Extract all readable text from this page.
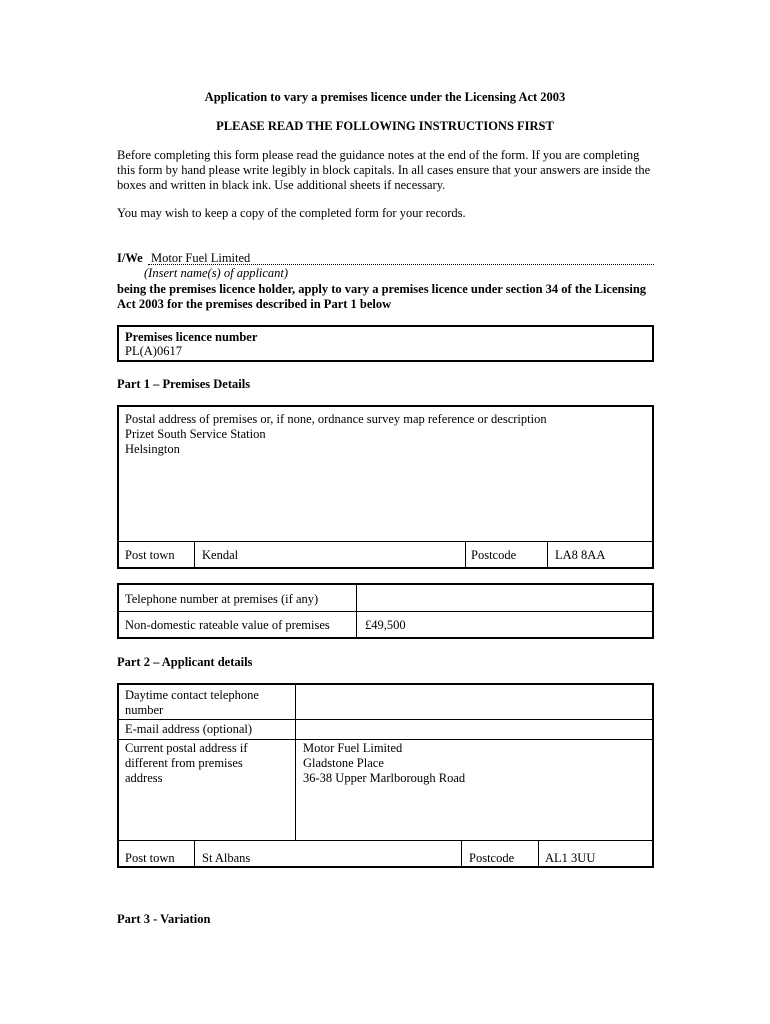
Application to vary a premises licence under the Licensing Act 2003
PLEASE READ THE FOLLOWING INSTRUCTIONS FIRST
Before completing this form please read the guidance notes at the end of the form. If you are completing this form by hand please write legibly in block capitals. In all cases ensure that your answers are inside the boxes and written in black ink. Use additional sheets if necessary.
You may wish to keep a copy of the completed form for your records.
I/We Motor Fuel Limited
(Insert name(s) of applicant)
being the premises licence holder, apply to vary a premises licence under section 34 of the Licensing Act 2003 for the premises described in Part 1 below
Premises licence number
PL(A)0617
Part 1 – Premises Details
Postal address of premises or, if none, ordnance survey map reference or description
Prizet South Service Station
Helsington
Post town Kendal	Postcode	LA8 8AA
Telephone number at premises (if any)
Non-domestic rateable value of premises	£49,500
Part 2 – Applicant details
Daytime contact telephone number
E-mail address (optional)
Current postal address if different from premises address
Motor Fuel Limited
Gladstone Place
36-38 Upper Marlborough Road
Post town St Albans	Postcode AL1 3UU
Part 3 - Variation
